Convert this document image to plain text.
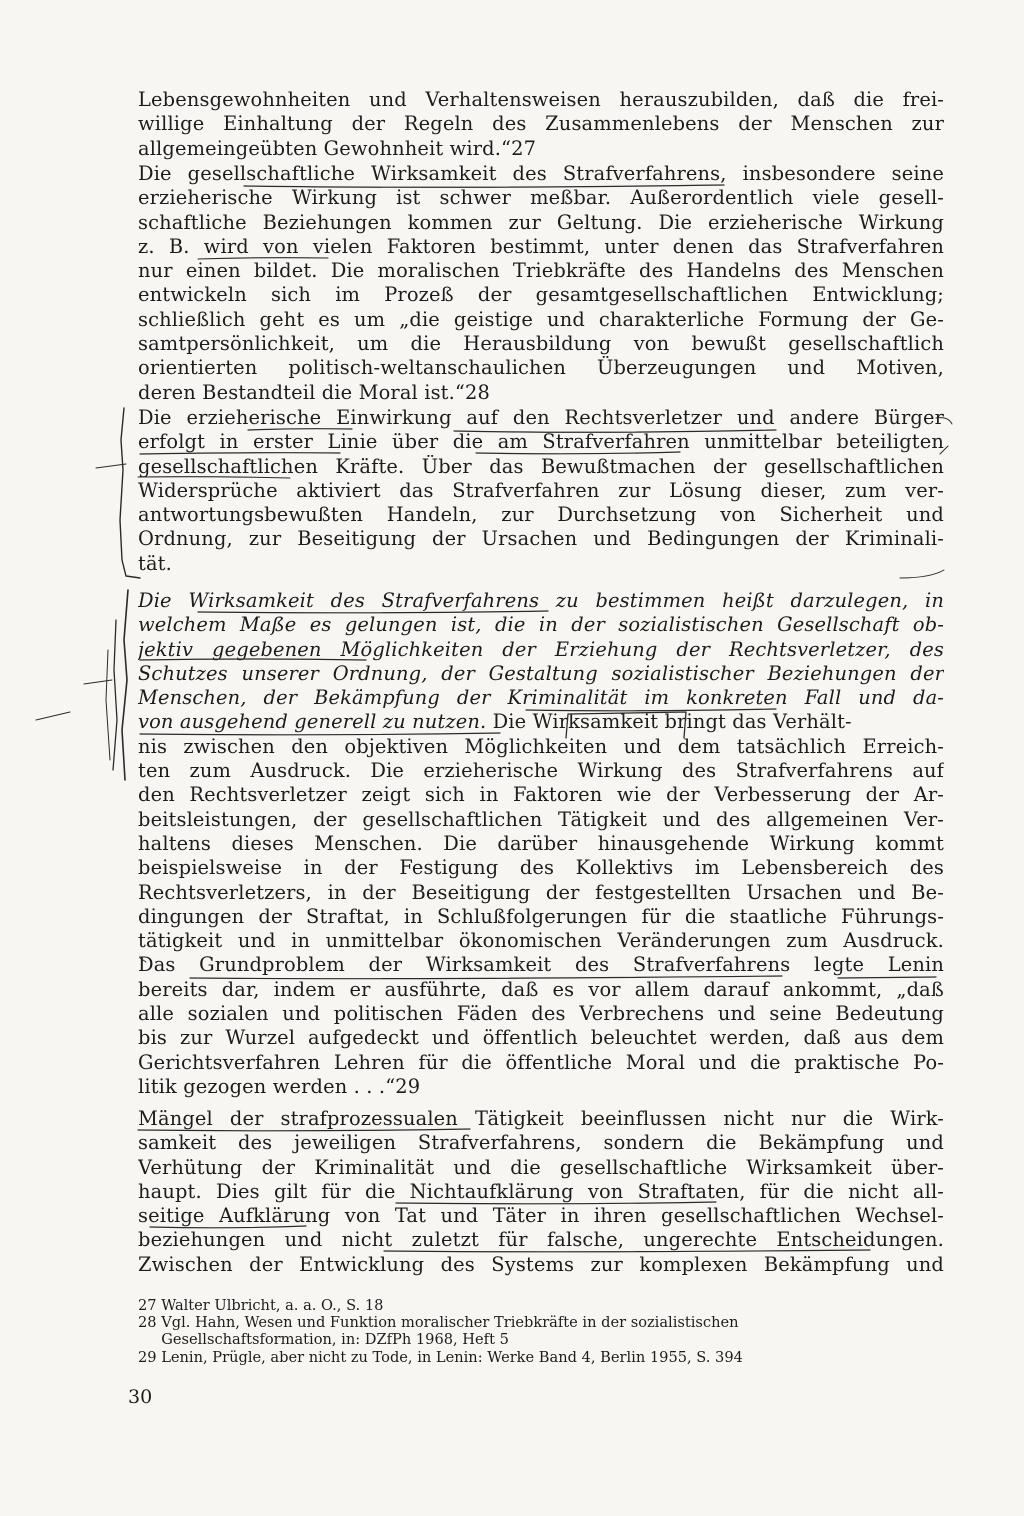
Lebensgewohnheiten und Verhaltensweisen herauszubilden, daß die frei-
willige Einhaltung der Regeln des Zusammenlebens der Menschen zur
allgemeingeübten Gewohnheit wird.“27
Die gesellschaftliche Wirksamkeit des Strafverfahrens, insbesondere seine
erzieherische Wirkung ist schwer meßbar. Außerordentlich viele gesell-
schaftliche Beziehungen kommen zur Geltung. Die erzieherische Wirkung
z. B. wird von vielen Faktoren bestimmt, unter denen das Strafverfahren
nur einen bildet. Die moralischen Triebkräfte des Handelns des Menschen
entwickeln sich im Prozeß der gesamtgesellschaftlichen Entwicklung;
schließlich geht es um „die geistige und charakterliche Formung der Ge-
samtpersönlichkeit, um die Herausbildung von bewußt gesellschaftlich
orientierten politisch-weltanschaulichen Überzeugungen und Motiven,
deren Bestandteil die Moral ist.“28
Die erzieherische Einwirkung auf den Rechtsverletzer und andere Bürger
erfolgt in erster Linie über die am Strafverfahren unmittelbar beteiligten
gesellschaftlichen Kräfte. Über das Bewußtmachen der gesellschaftlichen
Widersprüche aktiviert das Strafverfahren zur Lösung dieser, zum ver-
antwortungsbewußten Handeln, zur Durchsetzung von Sicherheit und
Ordnung, zur Beseitigung der Ursachen und Bedingungen der Kriminali-
tät.
Die Wirksamkeit des Strafverfahrens zu bestimmen heißt darzulegen, in
welchem Maße es gelungen ist, die in der sozialistischen Gesellschaft ob-
jektiv gegebenen Möglichkeiten der Erziehung der Rechtsverletzer, des
Schutzes unserer Ordnung, der Gestaltung sozialistischer Beziehungen der
Menschen, der Bekämpfung der Kriminalität im konkreten Fall und da-
von ausgehend generell zu nutzen. Die Wirksamkeit bringt das Verhält-
nis zwischen den objektiven Möglichkeiten und dem tatsächlich Erreich-
ten zum Ausdruck. Die erzieherische Wirkung des Strafverfahrens auf
den Rechtsverletzer zeigt sich in Faktoren wie der Verbesserung der Ar-
beitsleistungen, der gesellschaftlichen Tätigkeit und des allgemeinen Ver-
haltens dieses Menschen. Die darüber hinausgehende Wirkung kommt
beispielsweise in der Festigung des Kollektivs im Lebensbereich des
Rechtsverletzers, in der Beseitigung der festgestellten Ursachen und Be-
dingungen der Straftat, in Schlußfolgerungen für die staatliche Führungs-
tätigkeit und in unmittelbar ökonomischen Veränderungen zum Ausdruck.
Das Grundproblem der Wirksamkeit des Strafverfahrens legte Lenin
bereits dar, indem er ausführte, daß es vor allem darauf ankommt, „daß
alle sozialen und politischen Fäden des Verbrechens und seine Bedeutung
bis zur Wurzel aufgedeckt und öffentlich beleuchtet werden, daß aus dem
Gerichtsverfahren Lehren für die öffentliche Moral und die praktische Po-
litik gezogen werden . . .“29
Mängel der strafprozessualen Tätigkeit beeinflussen nicht nur die Wirk-
samkeit des jeweiligen Strafverfahrens, sondern die Bekämpfung und
Verhütung der Kriminalität und die gesellschaftliche Wirksamkeit über-
haupt. Dies gilt für die Nichtaufklärung von Straftaten, für die nicht all-
seitige Aufklärung von Tat und Täter in ihren gesellschaftlichen Wechsel-
beziehungen und nicht zuletzt für falsche, ungerechte Entscheidungen.
Zwischen der Entwicklung des Systems zur komplexen Bekämpfung und
27 Walter Ulbricht, a. a. O., S. 18
28 Vgl. Hahn, Wesen und Funktion moralischer Triebkräfte in der sozialistischen
Gesellschaftsformation, in: DZfPh 1968, Heft 5
29 Lenin, Prügle, aber nicht zu Tode, in Lenin: Werke Band 4, Berlin 1955, S. 394
30
